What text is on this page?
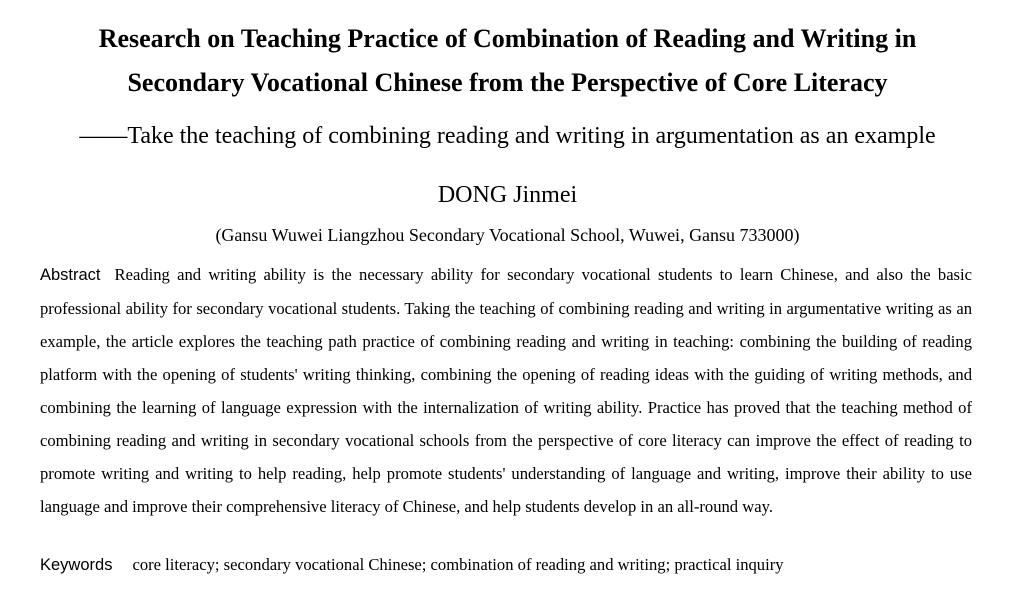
Research on Teaching Practice of Combination of Reading and Writing in
Secondary Vocational Chinese from the Perspective of Core Literacy
——Take the teaching of combining reading and writing in argumentation as an example
DONG Jinmei
(Gansu Wuwei Liangzhou Secondary Vocational School, Wuwei, Gansu 733000)

Abstract Reading and writing ability is the necessary ability for secondary vocational students to learn Chinese, and also the basic professional ability for secondary vocational students. Taking the teaching of combining reading and writing in argumentative writing as an example, the article explores the teaching path practice of combining reading and writing in teaching: combining the building of reading platform with the opening of students' writing thinking, combining the opening of reading ideas with the guiding of writing methods, and combining the learning of language expression with the internalization of writing ability. Practice has proved that the teaching method of combining reading and writing in secondary vocational schools from the perspective of core literacy can improve the effect of reading to promote writing and writing to help reading, help promote students' understanding of language and writing, improve their ability to use language and improve their comprehensive literacy of Chinese, and help students develop in an all-round way.

Keywords core literacy; secondary vocational Chinese; combination of reading and writing; practical inquiry
